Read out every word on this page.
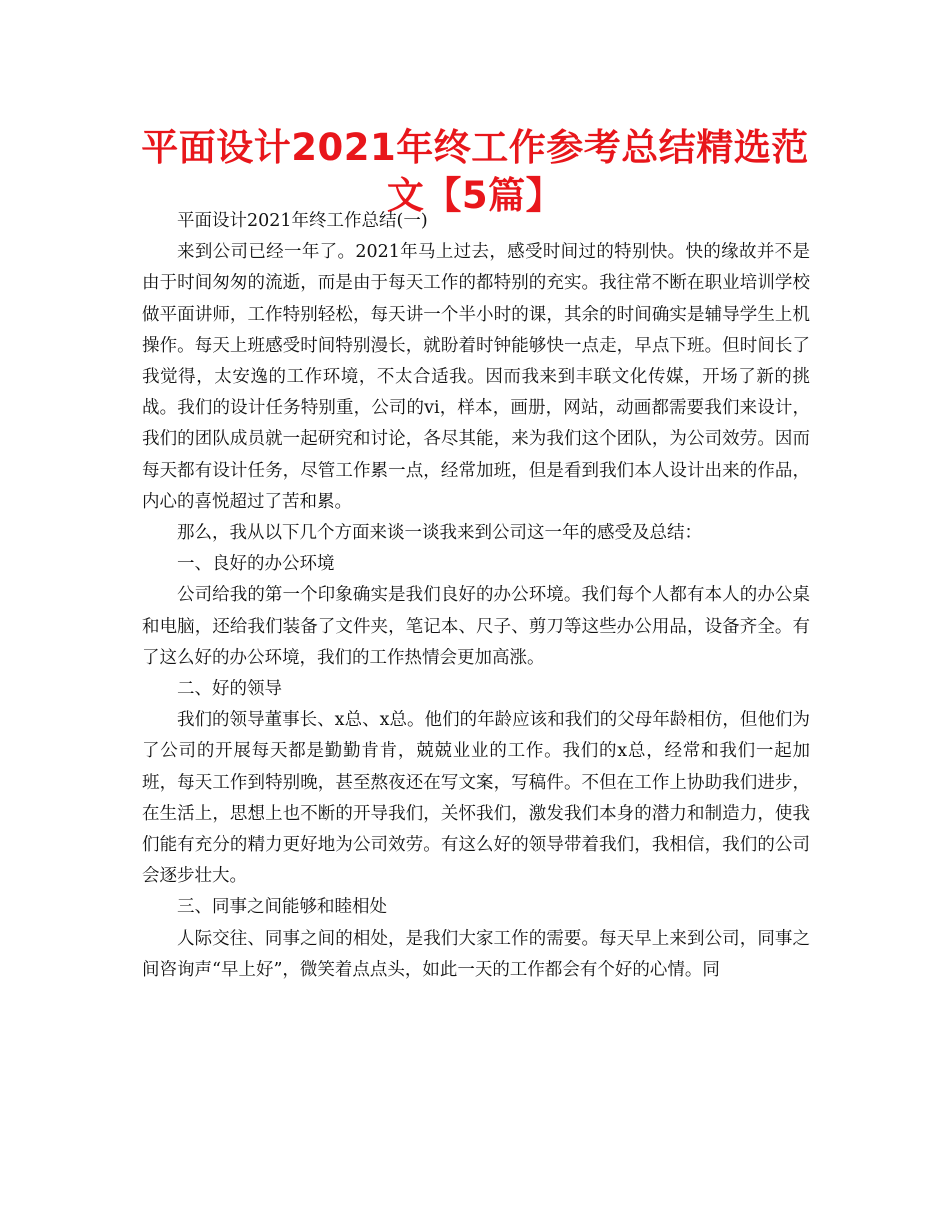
平面设计2021年终工作参考总结精选范文【5篇】

平面设计2021年终工作总结(一)

来到公司已经一年了。2021年马上过去，感受时间过的特别快。快的缘故并不是由于时间匆匆的流逝，而是由于每天工作的都特别的充实。我往常不断在职业培训学校做平面讲师，工作特别轻松，每天讲一个半小时的课，其余的时间确实是辅导学生上机操作。每天上班感受时间特别漫长，就盼着时钟能够快一点走，早点下班。但时间长了我觉得，太安逸的工作环境，不太合适我。因而我来到丰联文化传媒，开场了新的挑战。我们的设计任务特别重，公司的vi，样本，画册，网站，动画都需要我们来设计，我们的团队成员就一起研究和讨论，各尽其能，来为我们这个团队，为公司效劳。因而每天都有设计任务，尽管工作累一点，经常加班，但是看到我们本人设计出来的作品，内心的喜悦超过了苦和累。

那么，我从以下几个方面来谈一谈我来到公司这一年的感受及总结：

一、良好的办公环境

公司给我的第一个印象确实是我们良好的办公环境。我们每个人都有本人的办公桌和电脑，还给我们装备了文件夹，笔记本、尺子、剪刀等这些办公用品，设备齐全。有了这么好的办公环境，我们的工作热情会更加高涨。

二、好的领导

我们的领导董事长、x总、x总。他们的年龄应该和我们的父母年龄相仿，但他们为了公司的开展每天都是勤勤肯肯，兢兢业业的工作。我们的x总，经常和我们一起加班，每天工作到特别晚，甚至熬夜还在写文案，写稿件。不但在工作上协助我们进步，在生活上，思想上也不断的开导我们，关怀我们，激发我们本身的潜力和制造力，使我们能有充分的精力更好地为公司效劳。有这么好的领导带着我们，我相信，我们的公司会逐步壮大。

三、同事之间能够和睦相处

人际交往、同事之间的相处，是我们大家工作的需要。每天早上来到公司，同事之间咨询声“早上好”，微笑着点点头，如此一天的工作都会有个好的心情。同
